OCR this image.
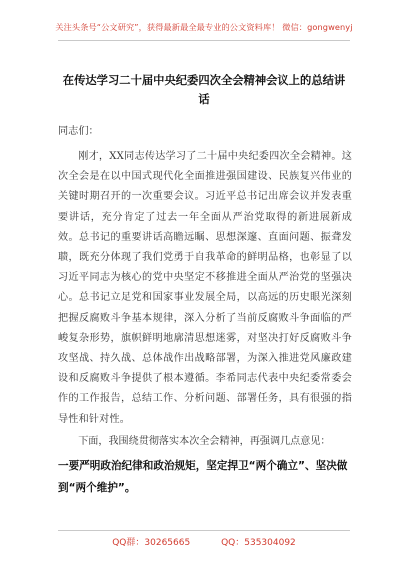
关注头条号“公文研究”，获得最新最全最专业的公文资料库！ 微信：gongwenyj
在传达学习二十届中央纪委四次全会精神会议上的总结讲话
同志们：

刚才，XX同志传达学习了二十届中央纪委四次全会精神。这次全会是在以中国式现代化全面推进强国建设、民族复兴伟业的关键时期召开的一次重要会议。习近平总书记出席会议并发表重要讲话，充分肯定了过去一年全面从严治党取得的新进展新成效。总书记的重要讲话高瞻远瞩、思想深邃、直面问题、振聋发聩，既充分体现了我们党勇于自我革命的鲜明品格，也彰显了以习近平同志为核心的党中央坚定不移推进全面从严治党的坚强决心。总书记立足党和国家事业发展全局，以高远的历史眼光深刻把握反腐败斗争基本规律，深入分析了当前反腐败斗争面临的严峻复杂形势，旗帜鲜明地廓清思想迷雾，对坚决打好反腐败斗争攻坚战、持久战、总体战作出战略部署，为深入推进党风廉政建设和反腐败斗争提供了根本遵循。李希同志代表中央纪委常委会作的工作报告，总结工作、分析问题、部署任务，具有很强的指导性和针对性。

下面，我围绕贯彻落实本次全会精神，再强调几点意见：

一要严明政治纪律和政治规矩，坚定捍卫“两个确立”、坚决做到“两个维护”。

QQ群：30265665	QQ：535304092
